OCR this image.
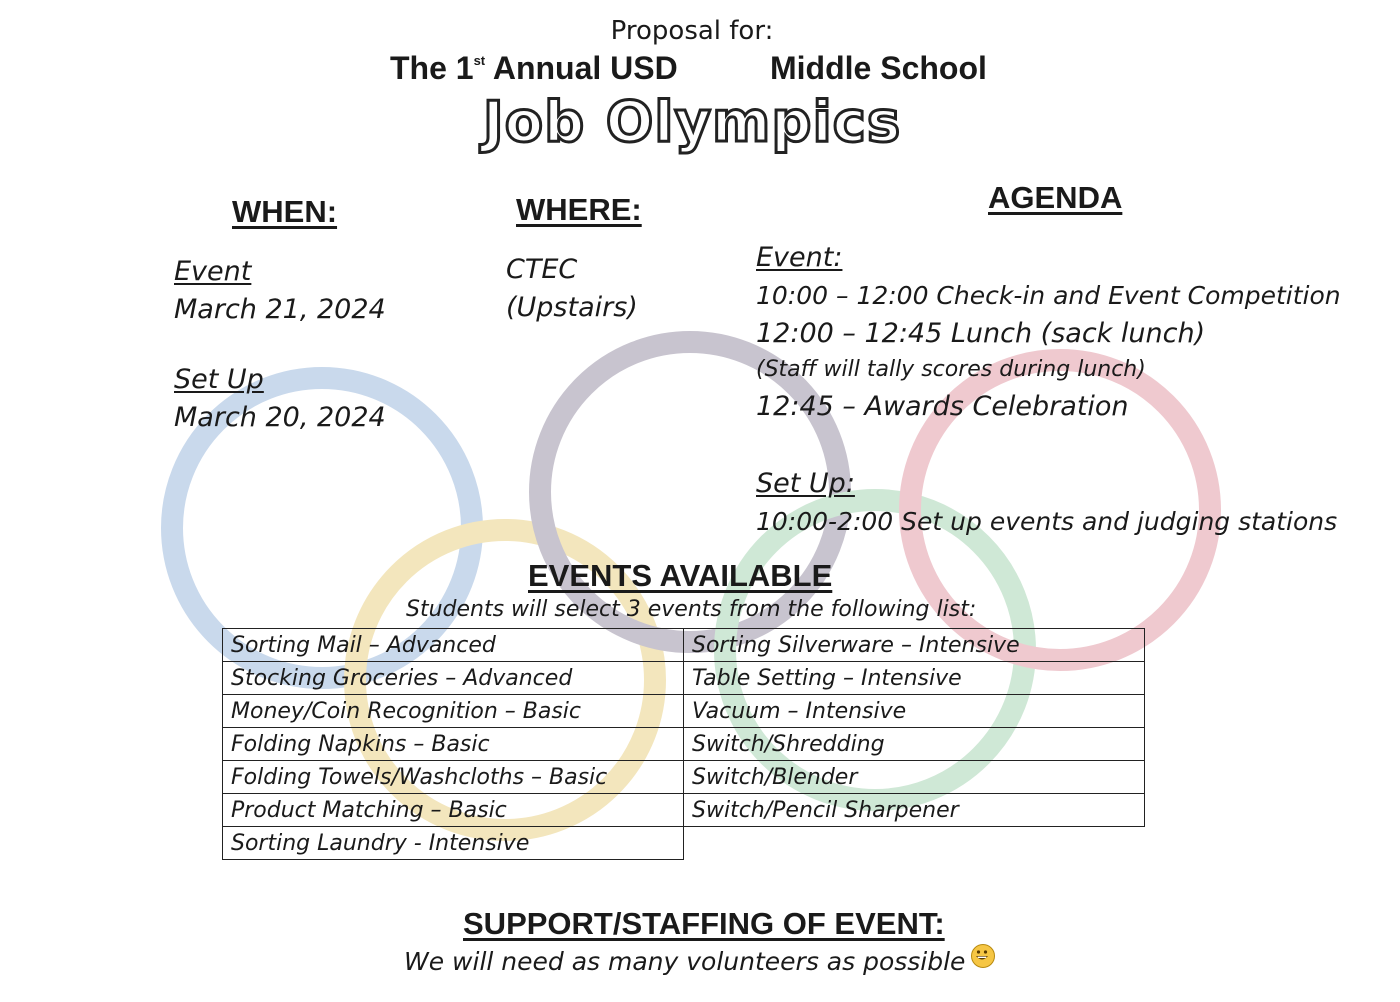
Proposal for:
The 1st Annual USD	Middle School
Job Olympics
WHEN:
Event
March 21, 2024
Set Up
March 20, 2024
WHERE:
CTEC
(Upstairs)
AGENDA
Event:
10:00 – 12:00 Check-in and Event Competition
12:00 – 12:45 Lunch (sack lunch)
(Staff will tally scores during lunch)
12:45 – Awards Celebration
Set Up:
10:00-2:00 Set up events and judging stations
EVENTS AVAILABLE
Students will select 3 events from the following list:
Sorting Mail – Advanced	Sorting Silverware – Intensive
Stocking Groceries – Advanced	Table Setting – Intensive
Money/Coin Recognition – Basic	Vacuum – Intensive
Folding Napkins – Basic	Switch/Shredding
Folding Towels/Washcloths – Basic	Switch/Blender
Product Matching – Basic	Switch/Pencil Sharpener
Sorting Laundry - Intensive	
SUPPORT/STAFFING OF EVENT:
We will need as many volunteers as possible
